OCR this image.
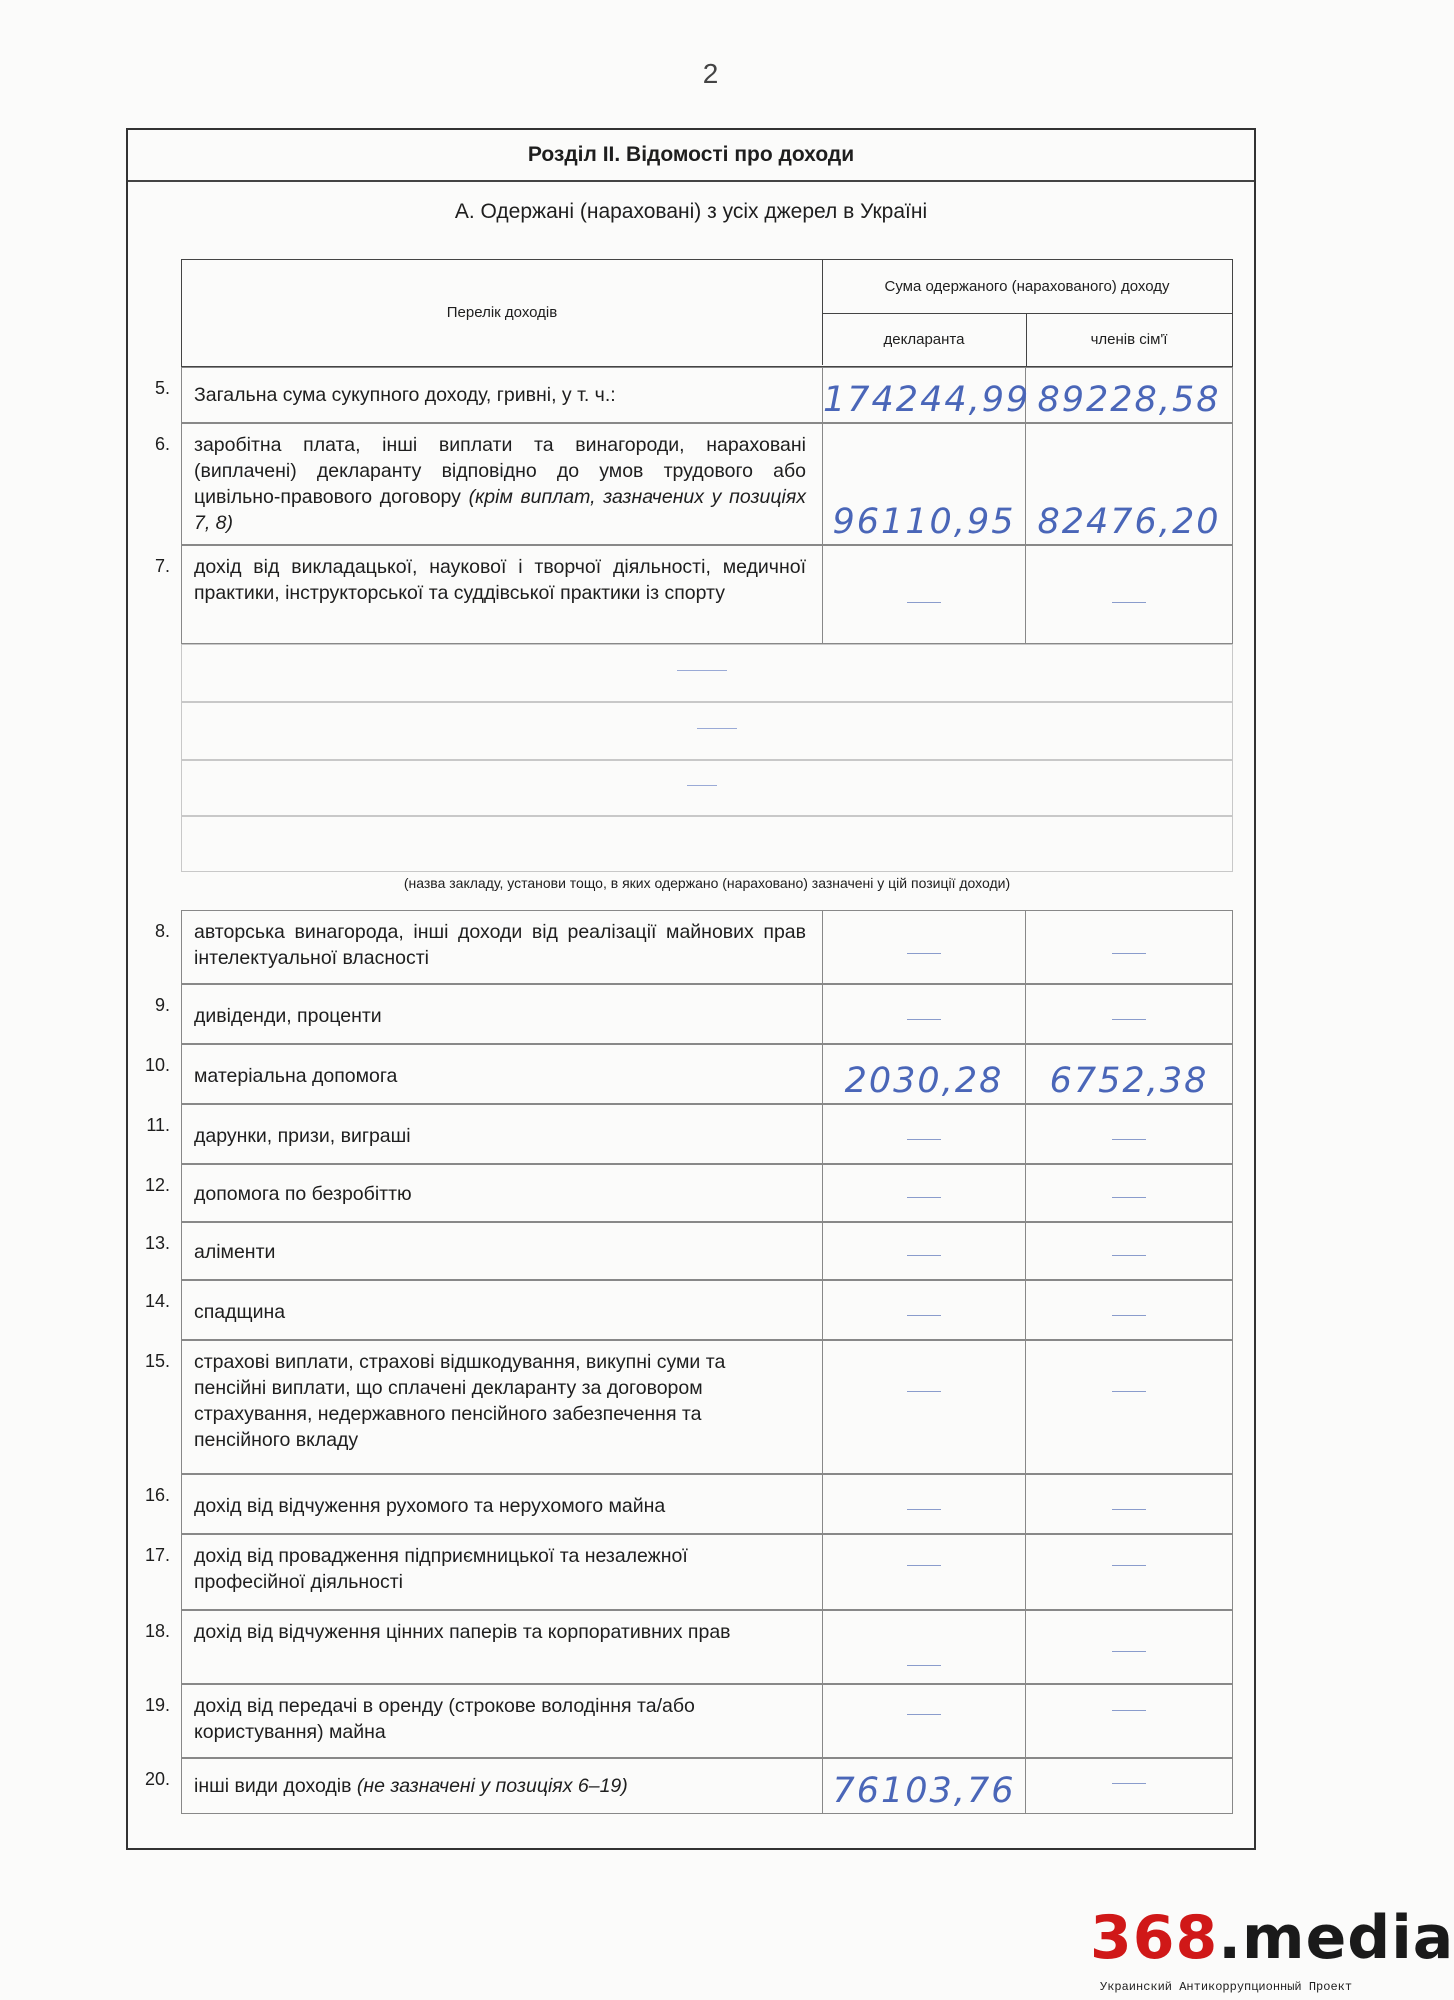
2
Розділ ІІ. Відомості про доходи
А. Одержані (нараховані) з усіх джерел в Україні
Перелік доходів
Сума одержаного (нарахованого) доходу
декларанта	членів сім'ї
5. Загальна сума сукупного доходу, гривні, у т. ч.:	174244,99 89228,58
6. заробітна плата, інші виплати та винагороди, нараховані (виплачені) декларанту відповідно до умов трудового або цивільно-правового договору (крім виплат, зазначених у позиціях 7, 8)	96110,95 82476,20
7. дохід від викладацької, наукової і творчої діяльності, медичної практики, інструкторської та суддівської практики із спорту
(назва закладу, установи тощо, в яких одержано (нараховано) зазначені у цій позиції доходи)
8. авторська винагорода, інші доходи від реалізації майнових прав інтелектуальної власності
9. дивіденди, проценти
10. матеріальна допомога	2030,28	6752,38
11. дарунки, призи, виграші
12. допомога по безробіттю
13. аліменти
14. спадщина
15. страхові виплати, страхові відшкодування, викупні суми та пенсійні виплати, що сплачені декларанту за договором страхування, недержавного пенсійного забезпечення та пенсійного вкладу
16. дохід від відчуження рухомого та нерухомого майна
17. дохід від провадження підприємницької та незалежної професійної діяльності
18. дохід від відчуження цінних паперів та корпоративних прав
19. дохід від передачі в оренду (строкове володіння та/або користування) майна
20. інші види доходів (не зазначені у позиціях 6–19)	76103,76
368.media
Украинский Антикоррупционный Проект
